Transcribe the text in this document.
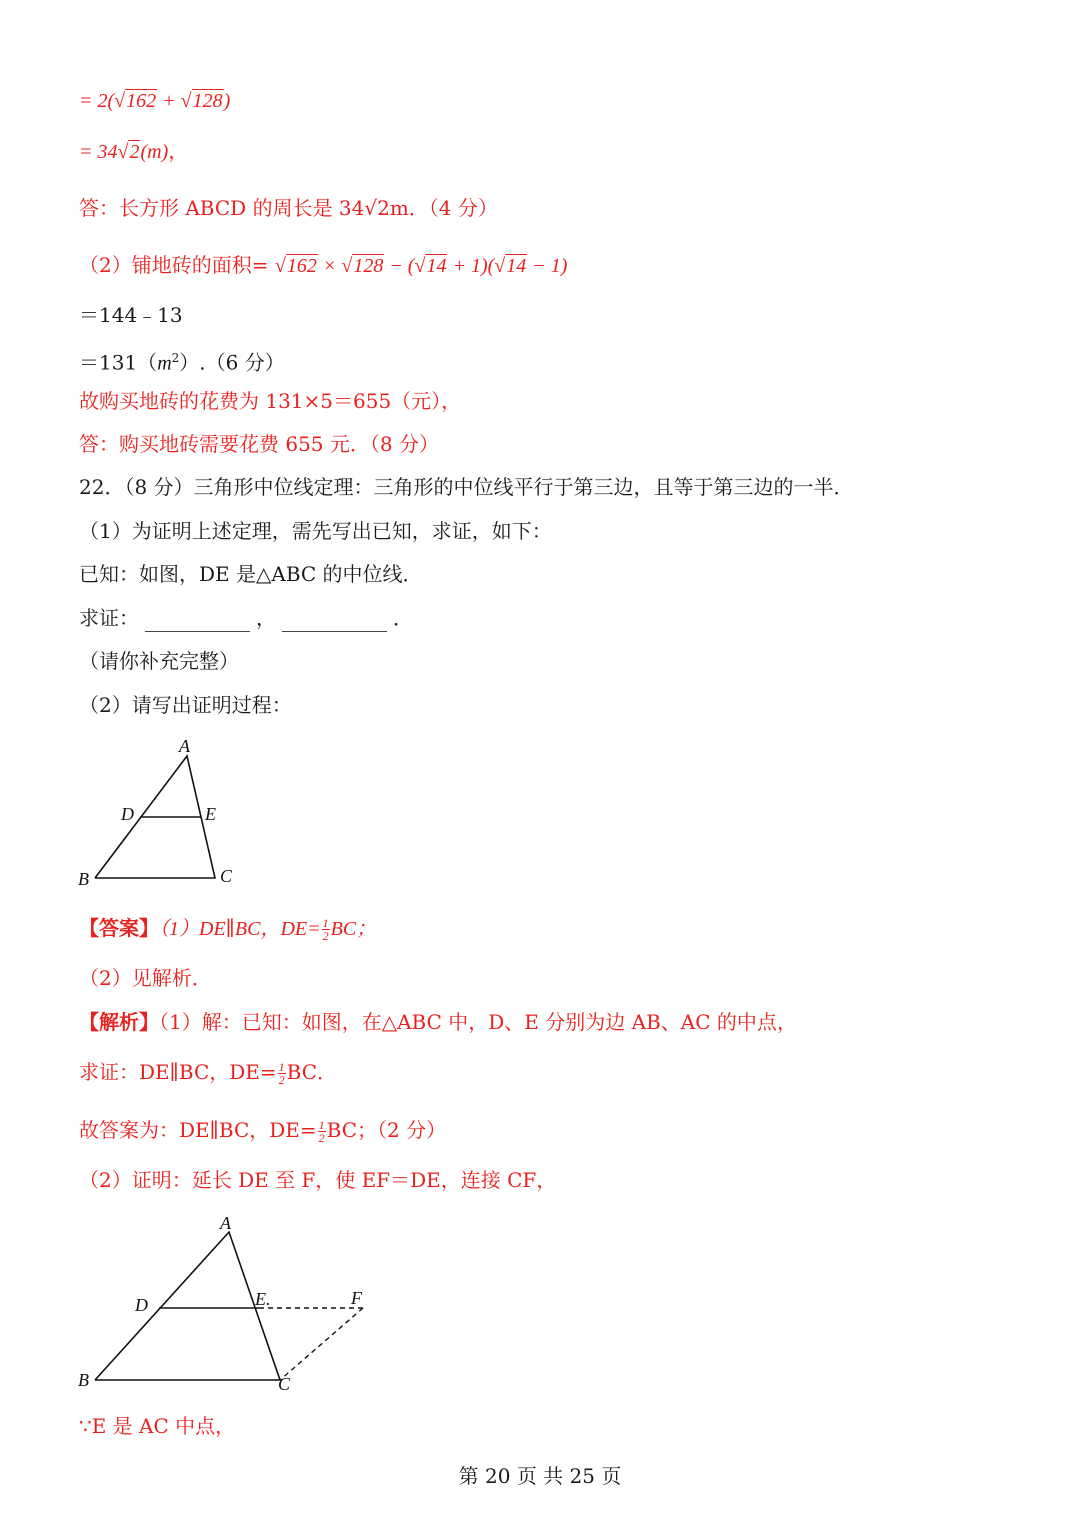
= 2(√162 + √128)
= 34√2(m)，
答：长方形 ABCD 的周长是 34√2m．（4 分）
（2）铺地砖的面积= √162 × √128 − (√14 + 1)(√14 − 1)
＝144﹣13
$=131(m^2).(6$ 分）
故购买地砖的花费为 131×5＝655（元），
答：购买地砖需要花费 655 元．（8 分）
22．（8 分）三角形中位线定理：三角形的中位线平行于第三边，且等于第三边的一半．
（1）为证明上述定理，需先写出已知，求证，如下：
已知：如图，DE 是△ABC 的中位线．
求证：	，	．
（请你补充完整）
（2）请写出证明过程：
A
D	E
B	C
【答案】（1）DE∥BC，$DE= \frac{1}{2}$ BC；
（2）见解析．
【解析】（1）解：已知：如图，在△ABC 中，D、E 分别为边 AB、AC 的中点，
求证：DE∥BC，$DE= \frac{1}{2}$ BC．
故答案为：DE∥BC，$DE= \frac{1}{2}$ BC；（2 分）
（2）证明：延长 DE 至 F，使 EF＝DE，连接 CF，
A
D	E.	F
B	C
∵E 是 AC 中点，
第 20 页 共 25 页
